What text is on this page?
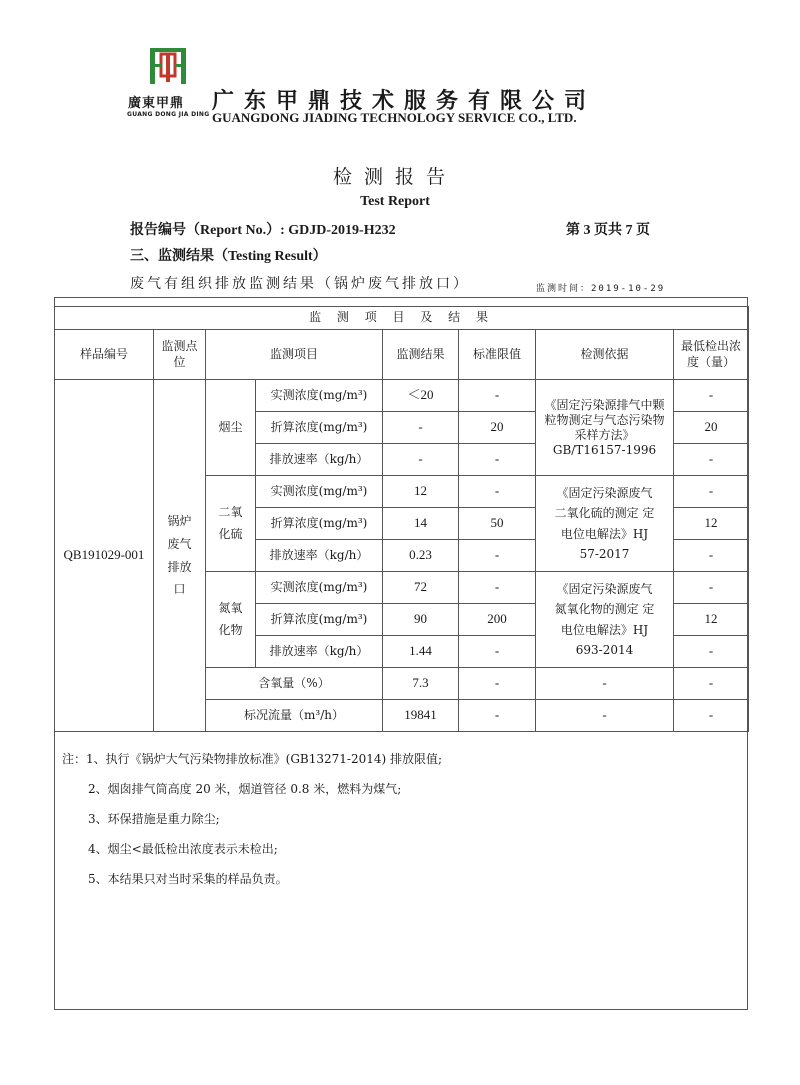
廣東甲鼎
GUANG DONG JIA DING
广东甲鼎技术服务有限公司
GUANGDONG JIADING TECHNOLOGY SERVICE CO., LTD.
检测报告
Test Report
报告编号（Report No.）: GDJD-2019-H232	第 3 页共 7 页
三、监测结果（Testing Result）
废气有组织排放监测结果（锅炉废气排放口）	监测时间：2019-10-29
监 测 项 目 及 结 果							
样品编号	监测点位	监测项目		监测结果	标准限值	检测依据	最低检出浓度（量）
QB191029-001	锅炉废气排放口	烟尘	实测浓度(mg/m³)	＜20	-	《固定污染源排气中颗粒物测定与气态污染物采样方法》GB/T16157-1996	-
			折算浓度(mg/m³)	-	20		20
			排放速率（kg/h）	-	-		-
		二氧化硫	实测浓度(mg/m³)	12	-	《固定污染源废气 二氧化硫的测定 定电位电解法》HJ 57-2017	-
			折算浓度(mg/m³)	14	50		12
			排放速率（kg/h）	0.23	-		-
		氮氧化物	实测浓度(mg/m³)	72	-	《固定污染源废气 氮氧化物的测定 定电位电解法》HJ 693-2014	-
			折算浓度(mg/m³)	90	200		12
			排放速率（kg/h）	1.44	-		-
		含氧量（%）		7.3	-	-	-
		标况流量（m³/h）		19841	-	-	-
注：1、执行《锅炉大气污染物排放标准》(GB13271-2014) 排放限值;
2、烟囱排气筒高度 20 米，烟道管径 0.8 米，燃料为煤气;
3、环保措施是重力除尘;
4、烟尘<最低检出浓度表示未检出;
5、本结果只对当时采集的样品负责。
